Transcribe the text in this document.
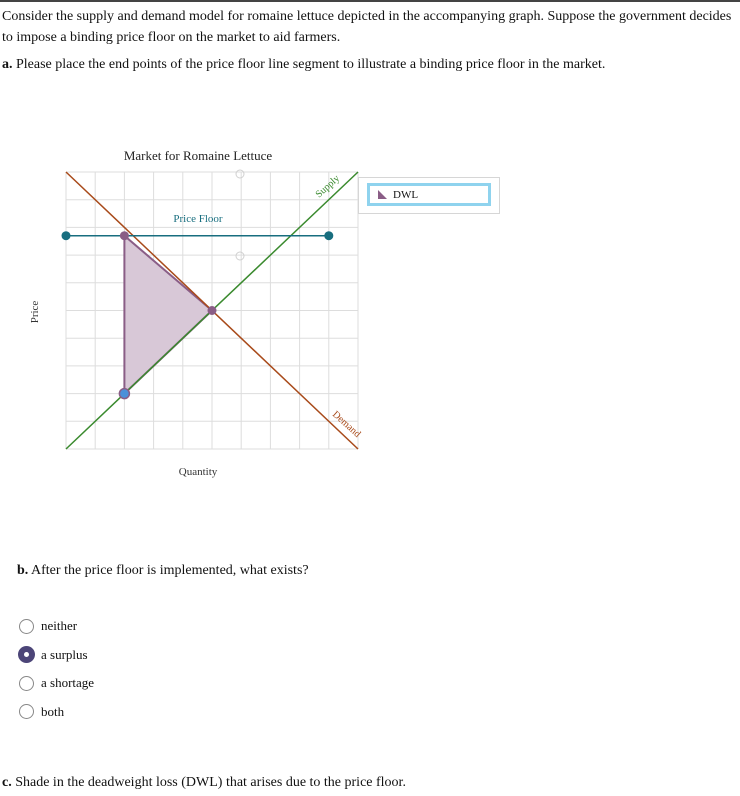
Consider the supply and demand model for romaine lettuce depicted in the accompanying graph. Suppose the government decides to impose a binding price floor on the market to aid farmers.
a. Please place the end points of the price floor line segment to illustrate a binding price floor in the market.
Market for Romaine Lettuce
Quantity
Price
Price Floor
Supply
Demand
DWL
b. After the price floor is implemented, what exists?
neither
a surplus
a shortage
both
c. Shade in the deadweight loss (DWL) that arises due to the price floor.
